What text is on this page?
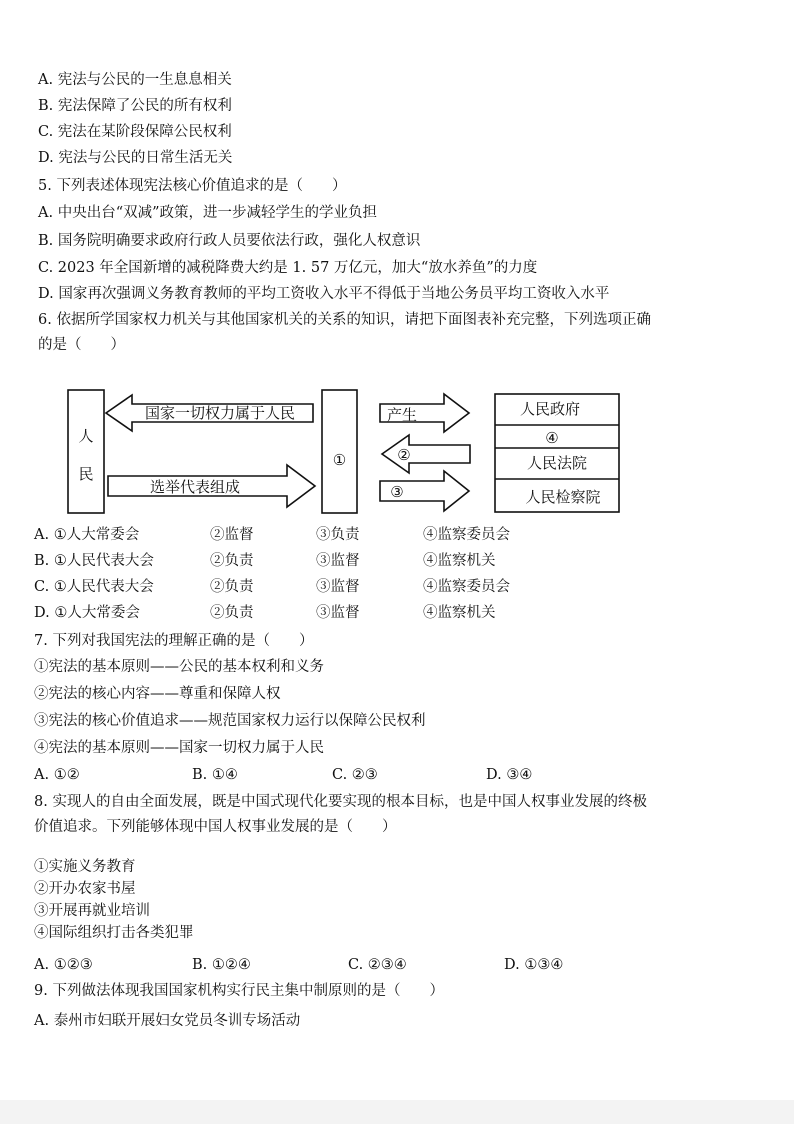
A. 宪法与公民的一生息息相关
B. 宪法保障了公民的所有权利
C. 宪法在某阶段保障公民权利
D. 宪法与公民的日常生活无关
5. 下列表述体现宪法核心价值追求的是（　　）
A. 中央出台“双减”政策，进一步减轻学生的学业负担
B. 国务院明确要求政府行政人员要依法行政，强化人权意识
C. 2023 年全国新增的减税降费大约是 1. 57 万亿元，加大“放水养鱼”的力度
D. 国家再次强调义务教育教师的平均工资收入水平不得低于当地公务员平均工资收入水平
6. 依据所学国家权力机关与其他国家机关的关系的知识，请把下面图表补充完整，下列选项正确
的是（　　）
人
民
国家一切权力属于人民
选举代表组成
①
产生
②
③
人民政府
④
人民法院
人民检察院
A. ①人大常委会	②监督	③负责	④监察委员会
B. ①人民代表大会	②负责	③监督	④监察机关
C. ①人民代表大会	②负责	③监督	④监察委员会
D. ①人大常委会	②负责	③监督	④监察机关
7. 下列对我国宪法的理解正确的是（　　）
①宪法的基本原则——公民的基本权利和义务
②宪法的核心内容——尊重和保障人权
③宪法的核心价值追求——规范国家权力运行以保障公民权利
④宪法的基本原则——国家一切权力属于人民
A. ①②	B. ①④	C. ②③	D. ③④
8. 实现人的自由全面发展，既是中国式现代化要实现的根本目标，也是中国人权事业发展的终极
价值追求。下列能够体现中国人权事业发展的是（　　）
①实施义务教育
②开办农家书屋
③开展再就业培训
④国际组织打击各类犯罪
A. ①②③	B. ①②④	C. ②③④	D. ①③④
9. 下列做法体现我国国家机构实行民主集中制原则的是（　　）
A. 泰州市妇联开展妇女党员冬训专场活动
